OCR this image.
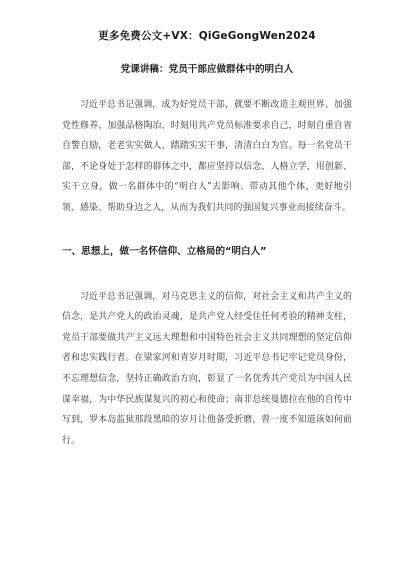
更多免费公文+VX：QiGeGongWen2024
党课讲稿：党员干部应做群体中的明白人

习近平总书记强调，成为好党员干部，就要不断改造主观世界、加强党性修养、加强品格陶冶，时刻用共产党员标准要求自己，时刻自重自省自警自励，老老实实做人，踏踏实实干事，清清白白为官。每一名党员干部，不论身处于怎样的群体之中，都应坚持以信念、人格立学，用创新、实干立身，做一名群体中的“明白人”去影响、带动其他个体，更好地引领、感染、帮助身边之人，从而为我们共同的强国复兴事业而接续奋斗。

一、思想上，做一名怀信仰、立格局的“明白人”

习近平总书记强调，对马克思主义的信仰，对社会主义和共产主义的信念，是共产党人的政治灵魂，是共产党人经受住任何考验的精神支柱，党员干部要做共产主义远大理想和中国特色社会主义共同理想的坚定信仰者和忠实践行者。在梁家河和青岁月时期，习近平总书记牢记党员身份，不忘理想信念，坚持正确政治方向，彰显了一名优秀共产党员为中国人民谋幸福，为中华民族谋复兴的初心和使命；南非总统曼德拉在他的自传中写到，罗本岛监狱那段黑暗的岁月让他备受折磨，曾一度不知道该如何前行。
